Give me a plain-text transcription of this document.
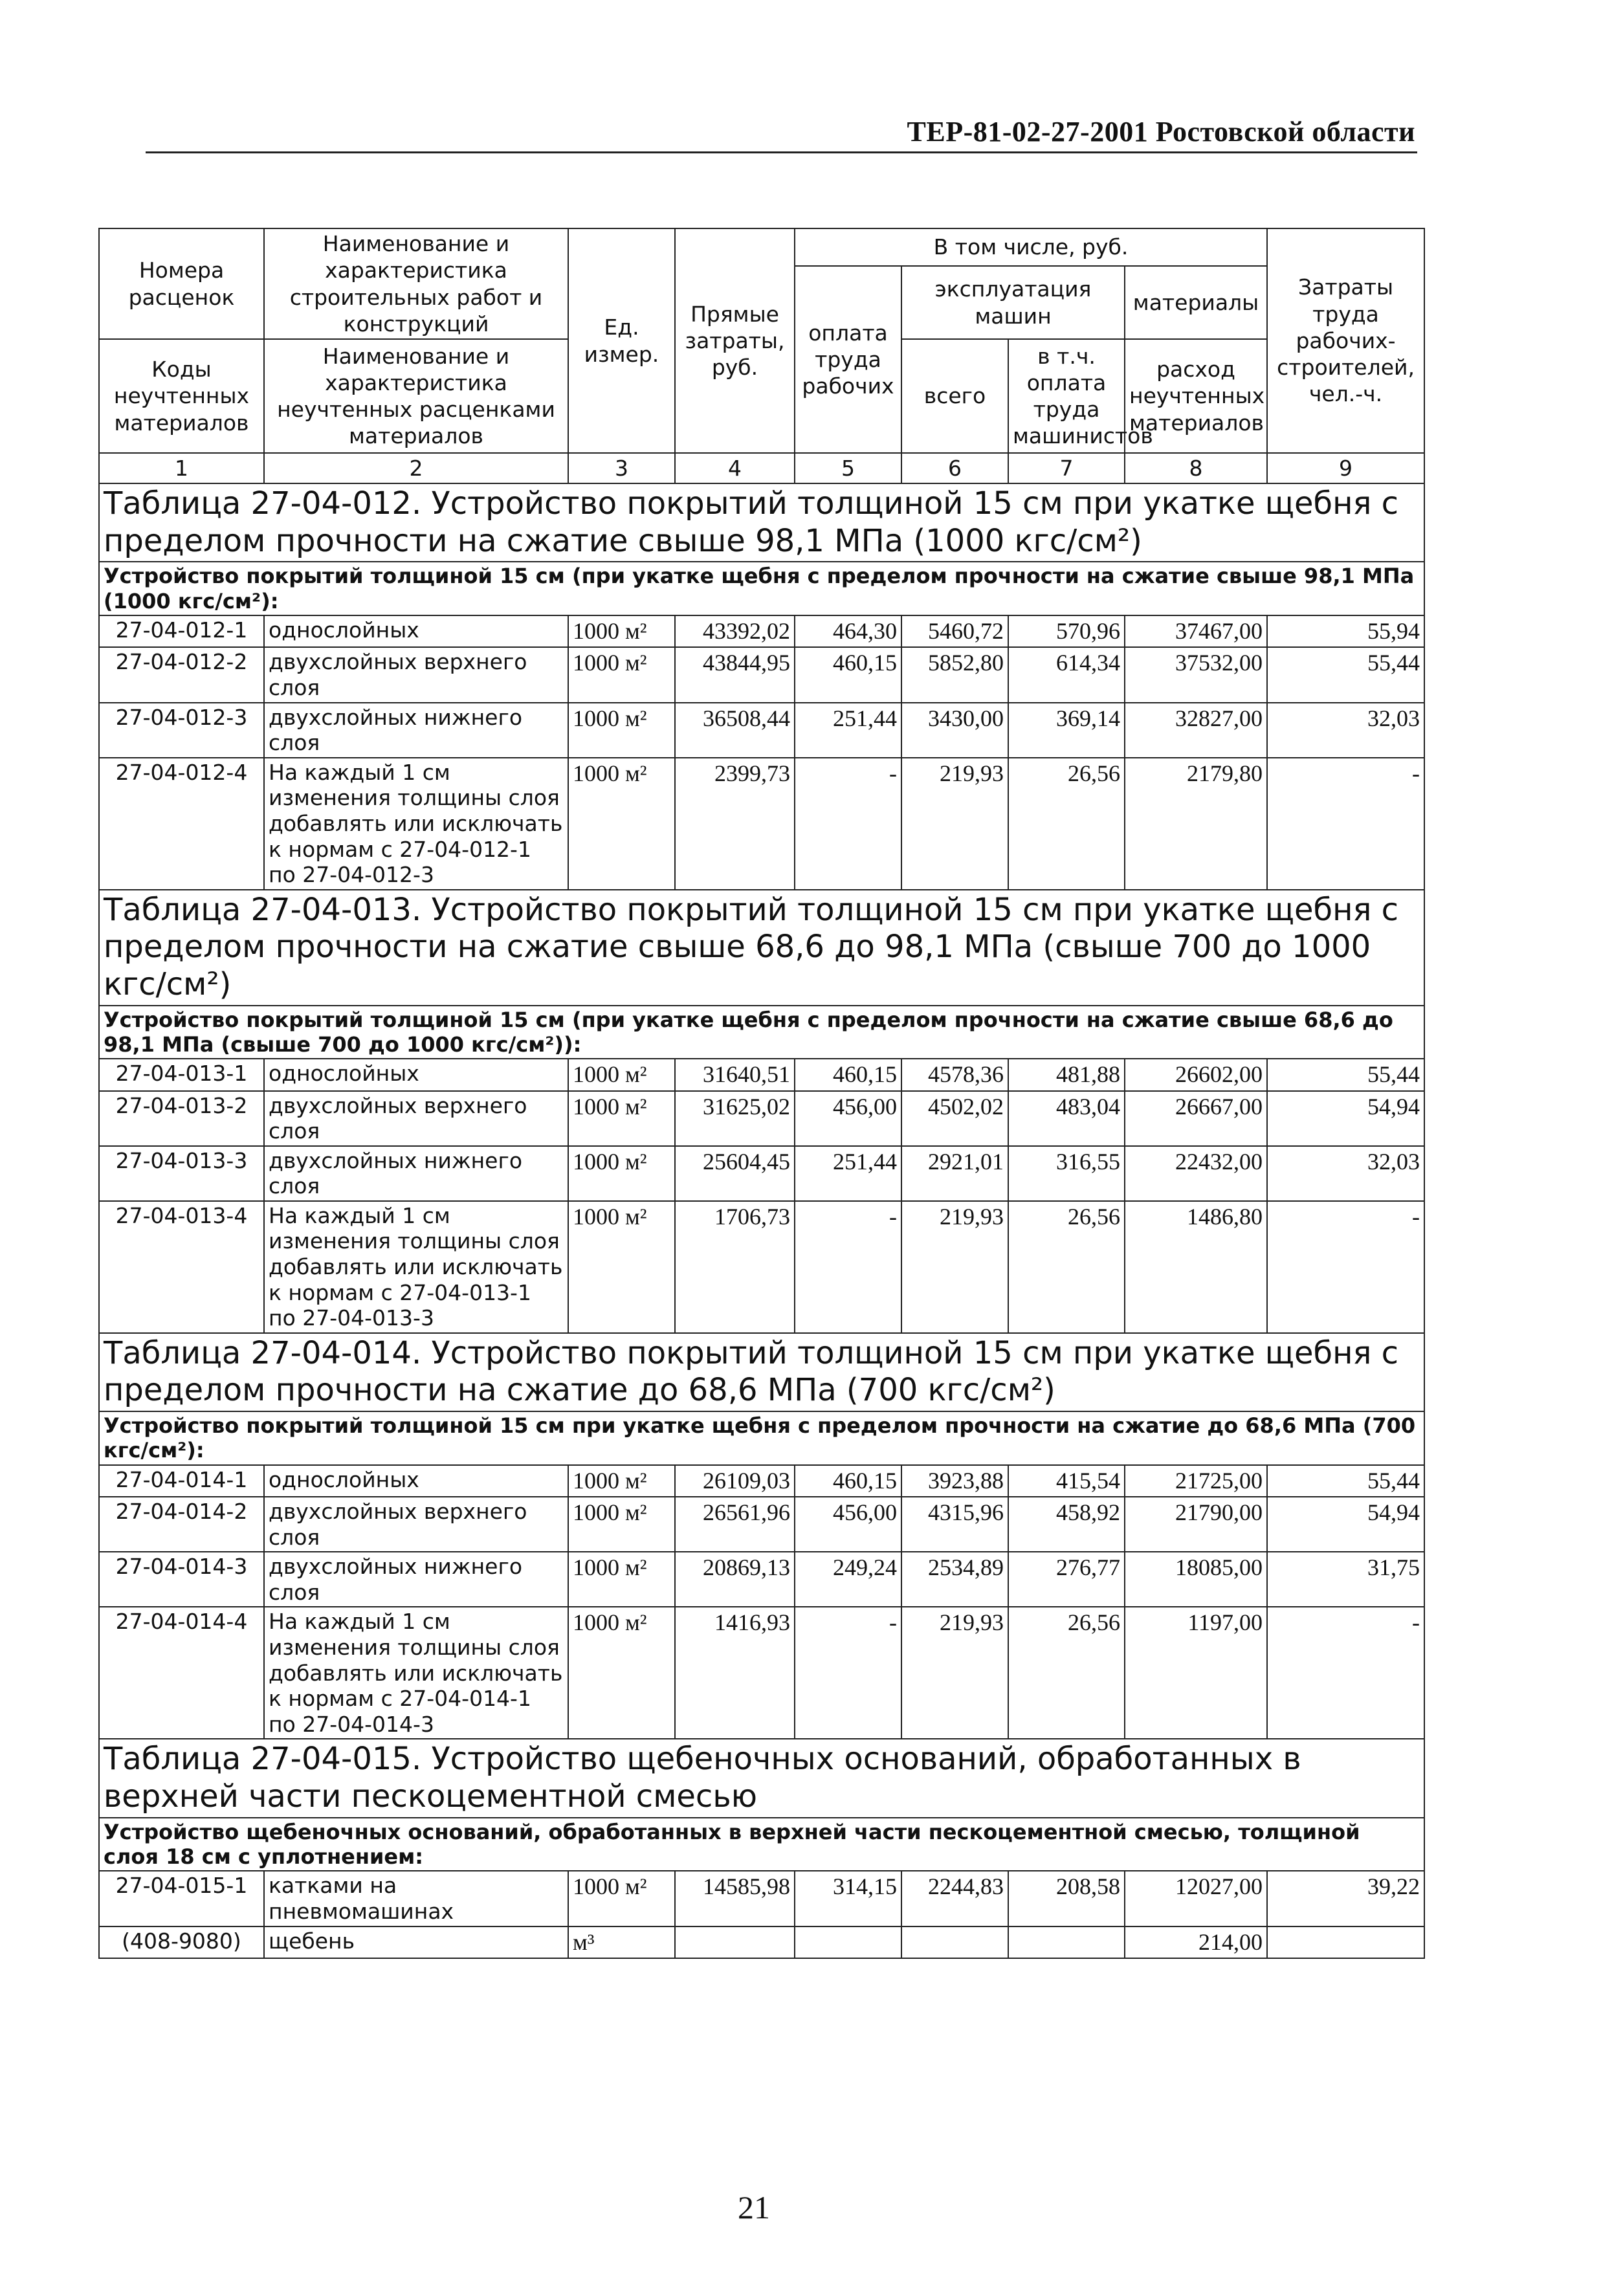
ТЕР-81-02-27-2001 Ростовской области
Номера расценок	Наименование и характеристика строительных работ и конструкций	Ед. измер.	Прямые затраты, руб.	В том числе, руб.				Затраты труда рабочих-строителей, чел.-ч.
				оплата труда рабочих	эксплуатация машин		материалы	
Коды неучтенных материалов	Наименование и характеристика неучтенных расценками материалов				всего	в т.ч. оплата труда машинистов	расход неучтенных материалов	

1	2	3	4	5	6	7	8	9
Таблица 27-04-012. Устройство покрытий толщиной 15 см при укатке щебня с пределом прочности на сжатие свыше 98,1 МПа (1000 кгс/см²)								
Устройство покрытий толщиной 15 см (при укатке щебня с пределом прочности на сжатие свыше 98,1 МПа (1000 кгс/см²):								
27-04-012-1	однослойных	1000 м²	43392,02	464,30	5460,72	570,96	37467,00	55,94
27-04-012-2	двухслойных верхнего слоя	1000 м²	43844,95	460,15	5852,80	614,34	37532,00	55,44
27-04-012-3	двухслойных нижнего слоя	1000 м²	36508,44	251,44	3430,00	369,14	32827,00	32,03
27-04-012-4	На каждый 1 см изменения толщины слоя добавлять или исключать к нормам с 27-04-012-1 по 27-04-012-3	1000 м²	2399,73	-	219,93	26,56	2179,80	-
Таблица 27-04-013. Устройство покрытий толщиной 15 см при укатке щебня с пределом прочности на сжатие свыше 68,6 до 98,1 МПа (свыше 700 до 1000 кгс/см²)								
Устройство покрытий толщиной 15 см (при укатке щебня с пределом прочности на сжатие свыше 68,6 до 98,1 МПа (свыше 700 до 1000 кгс/см²)):								
27-04-013-1	однослойных	1000 м²	31640,51	460,15	4578,36	481,88	26602,00	55,44
27-04-013-2	двухслойных верхнего слоя	1000 м²	31625,02	456,00	4502,02	483,04	26667,00	54,94
27-04-013-3	двухслойных нижнего слоя	1000 м²	25604,45	251,44	2921,01	316,55	22432,00	32,03
27-04-013-4	На каждый 1 см изменения толщины слоя добавлять или исключать к нормам с 27-04-013-1 по 27-04-013-3	1000 м²	1706,73	-	219,93	26,56	1486,80	-
Таблица 27-04-014. Устройство покрытий толщиной 15 см при укатке щебня с пределом прочности на сжатие до 68,6 МПа (700 кгс/см²)								
Устройство покрытий толщиной 15 см при укатке щебня с пределом прочности на сжатие до 68,6 МПа (700 кгс/см²):								
27-04-014-1	однослойных	1000 м²	26109,03	460,15	3923,88	415,54	21725,00	55,44
27-04-014-2	двухслойных верхнего слоя	1000 м²	26561,96	456,00	4315,96	458,92	21790,00	54,94
27-04-014-3	двухслойных нижнего слоя	1000 м²	20869,13	249,24	2534,89	276,77	18085,00	31,75
27-04-014-4	На каждый 1 см изменения толщины слоя добавлять или исключать к нормам с 27-04-014-1 по 27-04-014-3	1000 м²	1416,93	-	219,93	26,56	1197,00	-
Таблица 27-04-015. Устройство щебеночных оснований, обработанных в верхней части пескоцементной смесью								
Устройство щебеночных оснований, обработанных в верхней части пескоцементной смесью, толщиной слоя 18 см с уплотнением:								
27-04-015-1	катками на пневмомашинах	1000 м²	14585,98	314,15	2244,83	208,58	12027,00	39,22
(408-9080)	щебень	м³					214,00	
21
